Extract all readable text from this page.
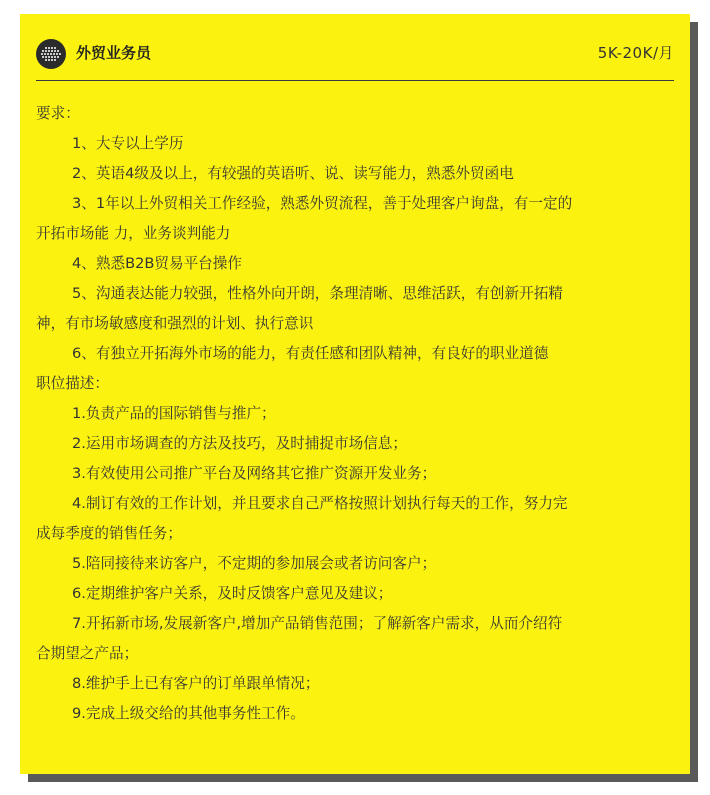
外贸业务员	5K-20K/月

要求：

1、大专以上学历

2、英语4级及以上，有较强的英语听、说、读写能力，熟悉外贸函电

3、1年以上外贸相关工作经验，熟悉外贸流程，善于处理客户询盘，有一定的

开拓市场能 力，业务谈判能力

4、熟悉B2B贸易平台操作

5、沟通表达能力较强，性格外向开朗，条理清晰、思维活跃，有创新开拓精

神，有市场敏感度和强烈的计划、执行意识

6、有独立开拓海外市场的能力，有责任感和团队精神，有良好的职业道德

职位描述：

1.负责产品的国际销售与推广；

2.运用市场调查的方法及技巧，及时捕捉市场信息；

3.有效使用公司推广平台及网络其它推广资源开发业务；

4.制订有效的工作计划，并且要求自己严格按照计划执行每天的工作，努力完

成每季度的销售任务；

5.陪同接待来访客户，不定期的参加展会或者访问客户；

6.定期维护客户关系，及时反馈客户意见及建议；

7.开拓新市场,发展新客户,增加产品销售范围；了解新客户需求，从而介绍符

合期望之产品；

8.维护手上已有客户的订单跟单情况；

9.完成上级交给的其他事务性工作。
